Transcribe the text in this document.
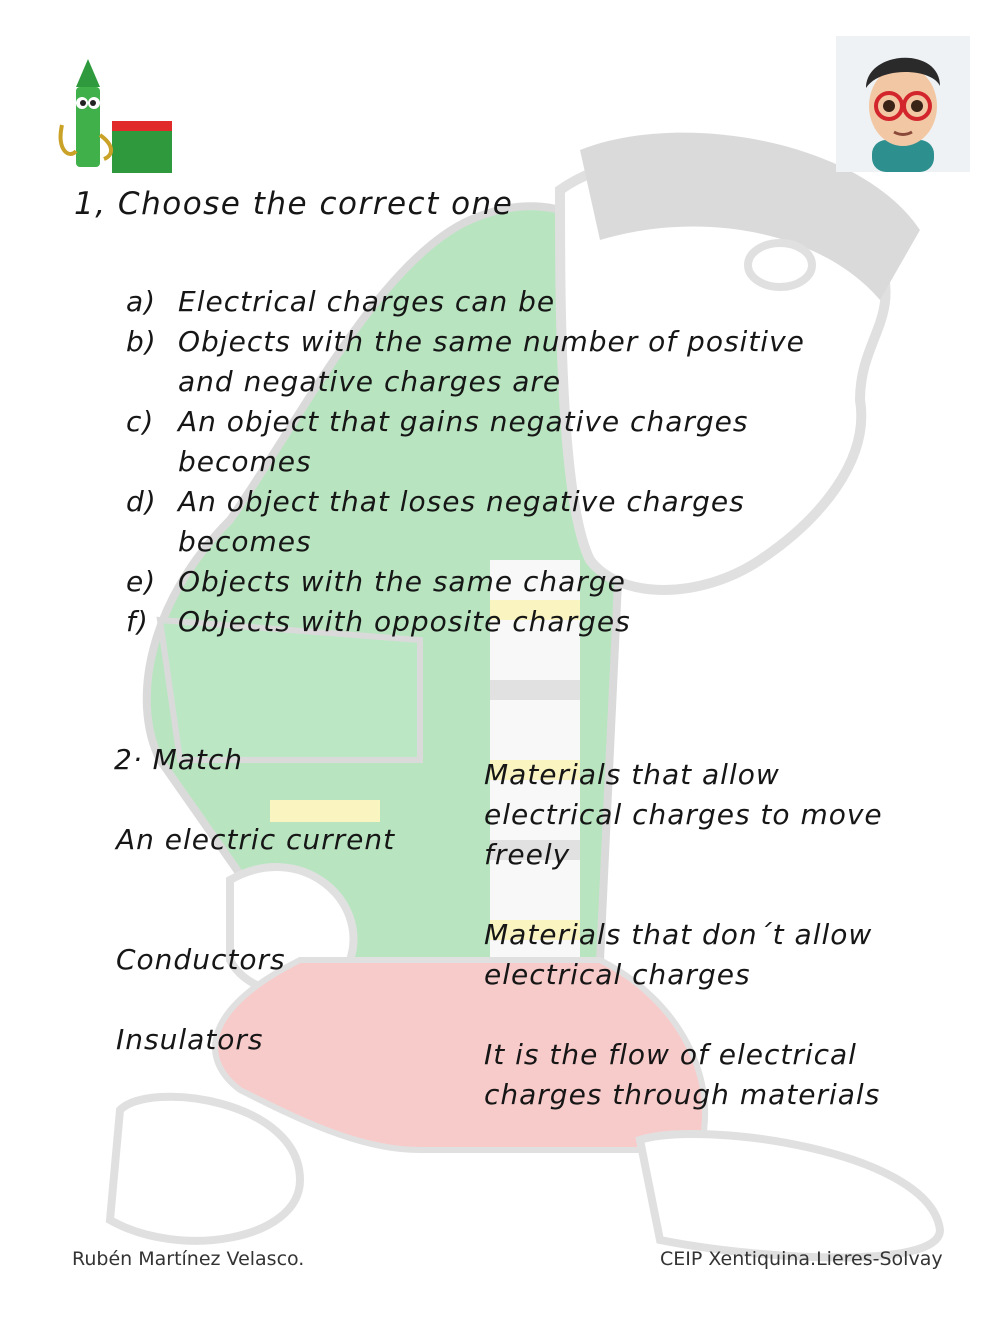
1, Choose the correct one
a) Electrical charges can be
b) Objects with the same number of positive and negative charges are
c) An object that gains negative charges becomes
d) An object that loses negative charges becomes
e) Objects with the same charge
f) Objects with opposite charges
2· Match
An electric current
Conductors
Insulators
Materials that allow electrical charges to move freely
Materials that don´t allow electrical charges
It is the flow of electrical charges through materials
Rubén Martínez Velasco.	CEIP Xentiquina.Lieres-Solvay
